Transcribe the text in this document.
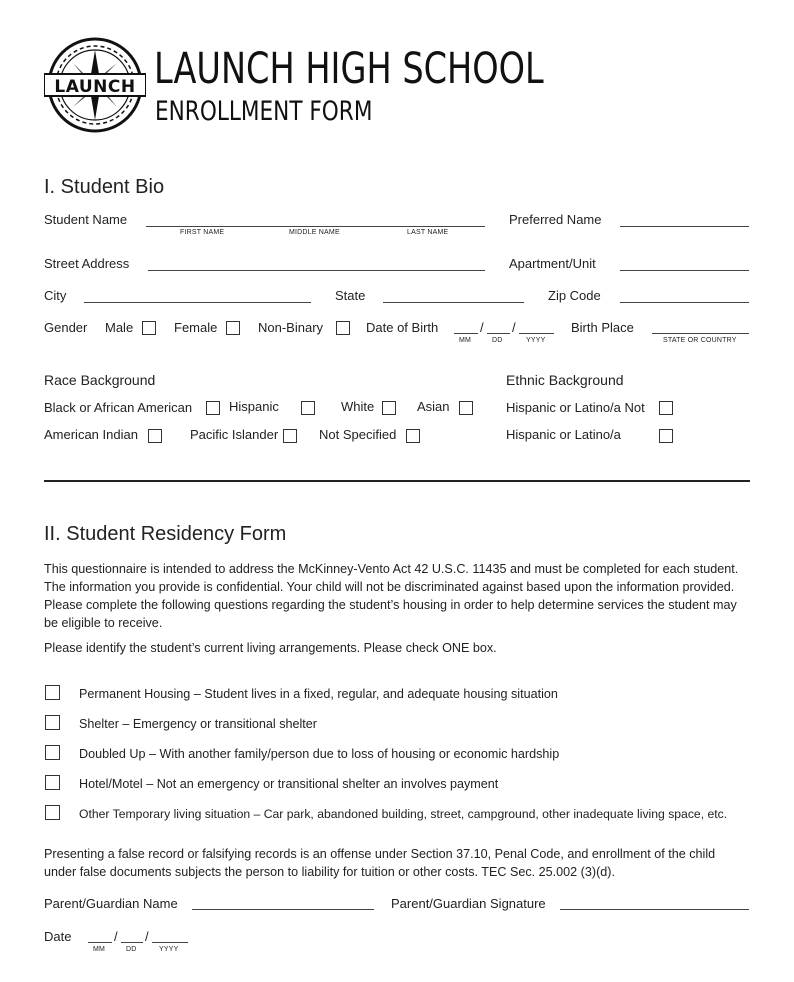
LAUNCH LAUNCH HIGH SCHOOL
ENROLLMENT FORM
I. Student Bio
Student Name
FIRST NAME	MIDDLE NAME	LAST NAME
Preferred Name
Street Address	Apartment/Unit
City	State	Zip Code
Gender Male	Female	Non-Binary	Date of Birth	/ /
MM	DD	YYYY
Birth Place
STATE OR COUNTRY
Race Background	Ethnic Background
Black or African American	Hispanic	White	Asian	Hispanic or Latino/a Not
American Indian	Pacific Islander	Not Specified	Hispanic or Latino/a
II. Student Residency Form
This questionnaire is intended to address the McKinney-Vento Act 42 U.S.C. 11435 and must be completed for each student. The information you provide is confidential. Your child will not be discriminated against based upon the information provided. Please complete the following questions regarding the student’s housing in order to help determine services the student may be eligible to receive.
Please identify the student’s current living arrangements. Please check ONE box.
Permanent Housing – Student lives in a fixed, regular, and adequate housing situation
Shelter – Emergency or transitional shelter
Doubled Up – With another family/person due to loss of housing or economic hardship
Hotel/Motel – Not an emergency or transitional shelter an involves payment
Other Temporary living situation – Car park, abandoned building, street, campground, other inadequate living space, etc.
Presenting a false record or falsifying records is an offense under Section 37.10, Penal Code, and enrollment of the child under false documents subjects the person to liability for tuition or other costs. TEC Sec. 25.002 (3)(d).
Parent/Guardian Name	Parent/Guardian Signature
Date	/ /
MM	DD	YYYY
